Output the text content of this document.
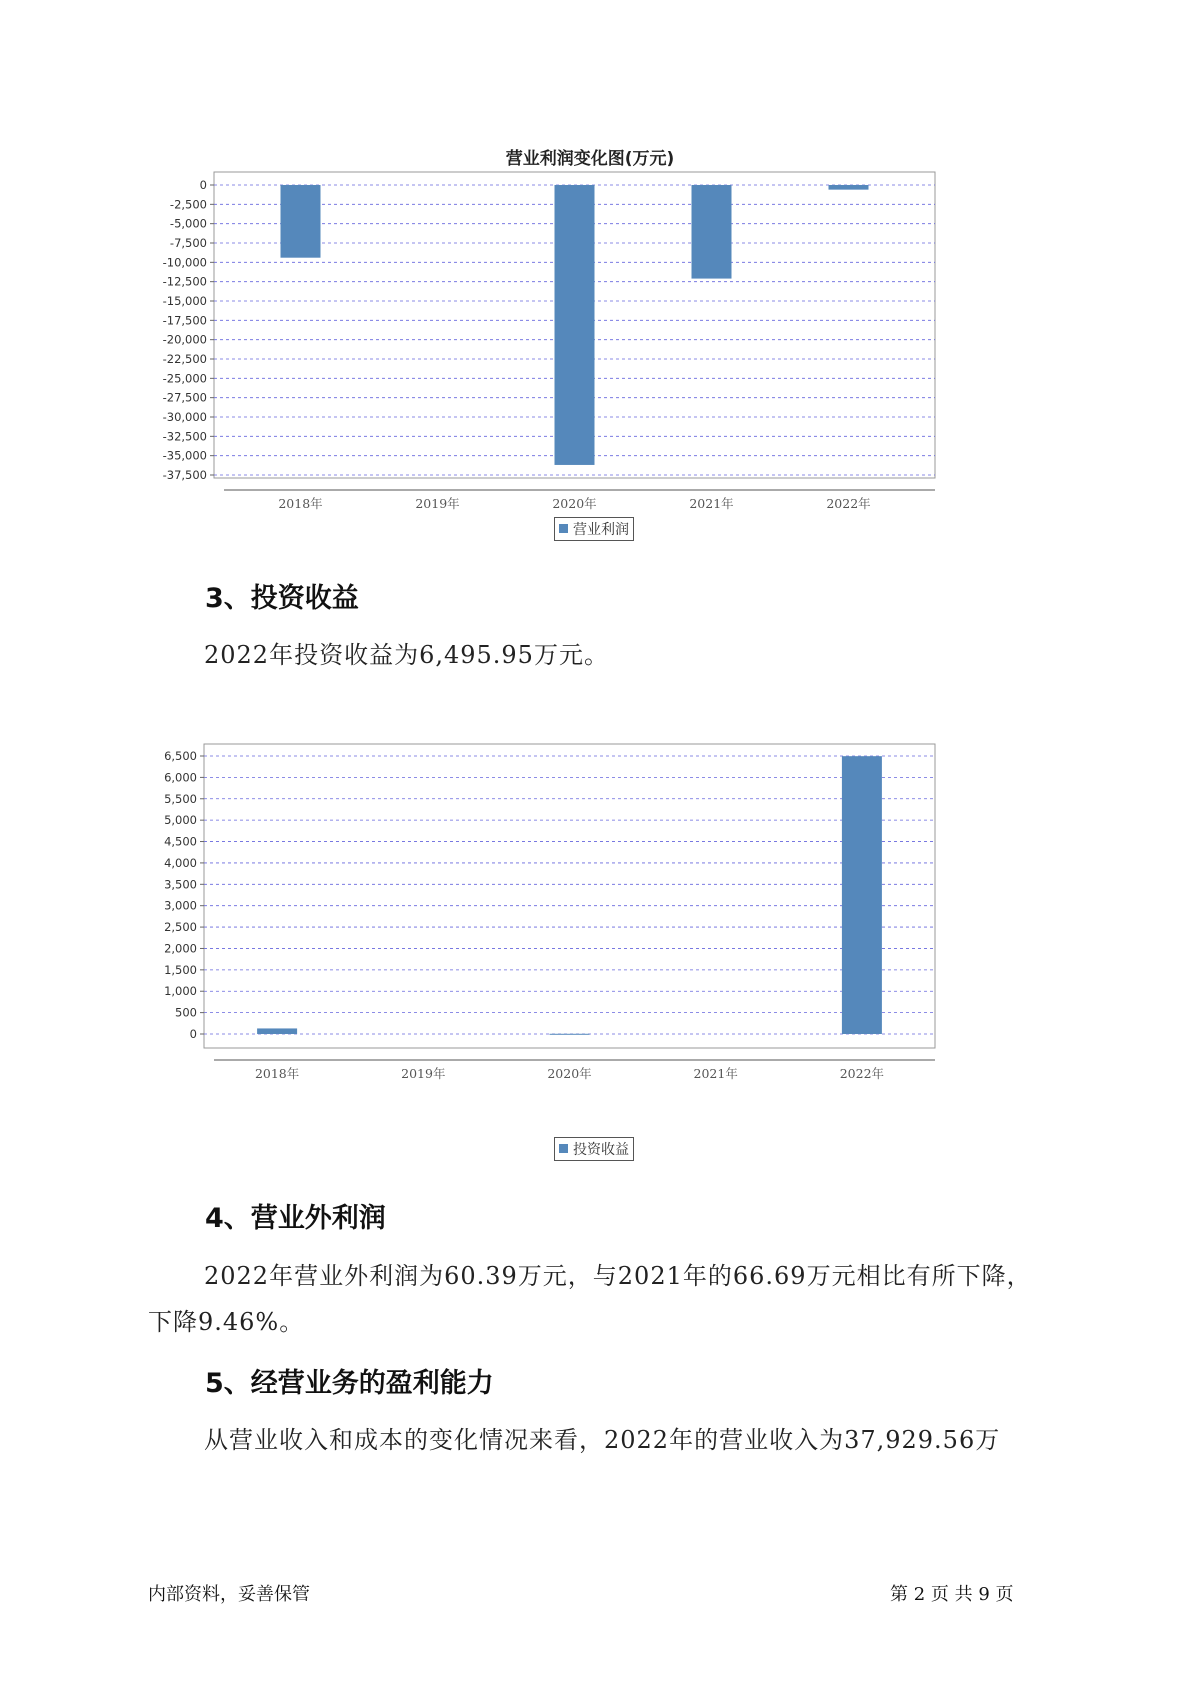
营业利润变化图(万元)
0
-2,500
-5,000
-7,500
-10,000
-12,500
-15,000
-17,500
-20,000
-22,500
-25,000
-27,500
-30,000
-32,500
-35,000
-37,500
2018年	2019年	2020年	2021年	2022年
营业利润
3、投资收益
2022年投资收益为6,495.95万元。
0
500
1,000
1,500
2,000
2,500
3,000
3,500
4,000
4,500
5,000
5,500
6,000
6,500
2018年	2019年	2020年	2021年	2022年
投资收益
4、营业外利润
2022年营业外利润为60.39万元，与2021年的66.69万元相比有所下降，
下降9.46%。
5、经营业务的盈利能力
从营业收入和成本的变化情况来看，2022年的营业收入为37,929.56万
内部资料，妥善保管	第 2 页 共 9 页
